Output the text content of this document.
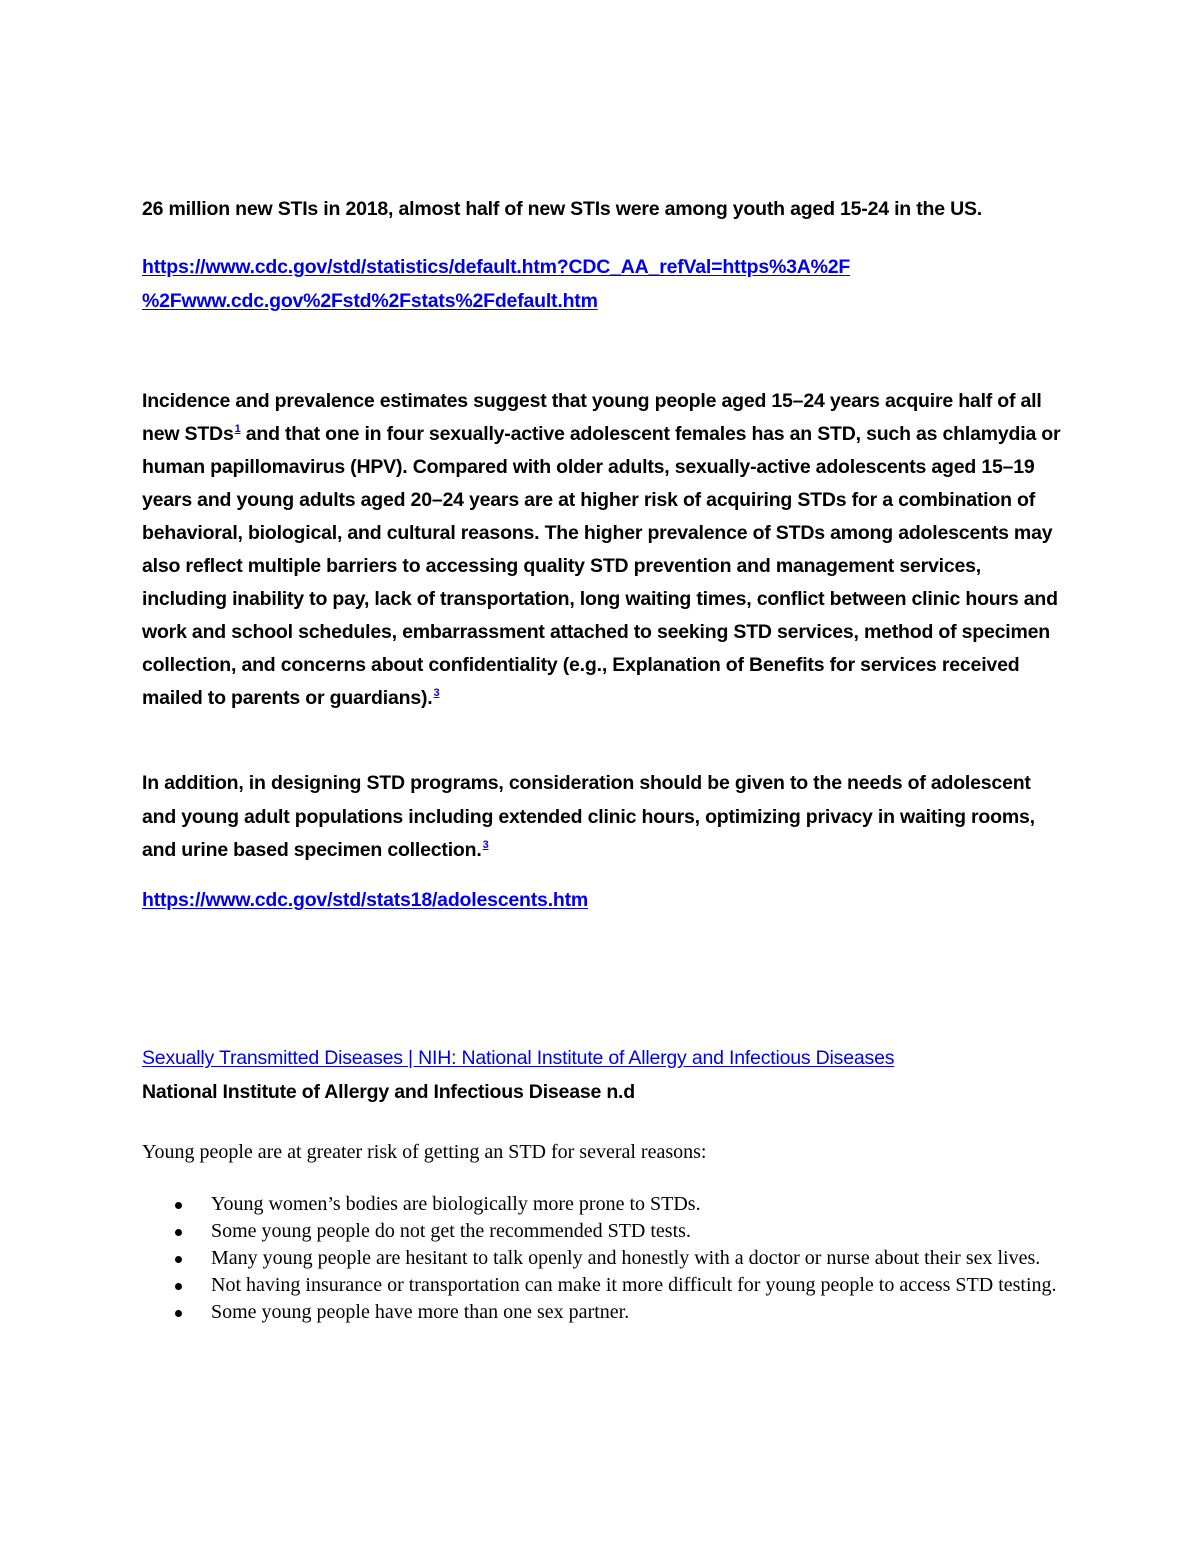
26 million new STIs in 2018, almost half of new STIs were among youth aged 15-24 in the US.
https://www.cdc.gov/std/statistics/default.htm?CDC_AA_refVal=https%3A%2F
%2Fwww.cdc.gov%2Fstd%2Fstats%2Fdefault.htm
Incidence and prevalence estimates suggest that young people aged 15–24 years acquire half of all new STDs$^1$ and that one in four sexually-active adolescent females has an STD, such as chlamydia or human papillomavirus (HPV). Compared with older adults, sexually-active adolescents aged 15–19 years and young adults aged 20–24 years are at higher risk of acquiring STDs for a combination of behavioral, biological, and cultural reasons. The higher prevalence of STDs among adolescents may also reflect multiple barriers to accessing quality STD prevention and management services, including inability to pay, lack of transportation, long waiting times, conflict between clinic hours and work and school schedules, embarrassment attached to seeking STD services, method of specimen collection, and concerns about confidentiality (e.g., Explanation of Benefits for services received mailed to parents or guardians).$^3$
In addition, in designing STD programs, consideration should be given to the needs of adolescent and young adult populations including extended clinic hours, optimizing privacy in waiting rooms, and urine based specimen collection.$^3$
https://www.cdc.gov/std/stats18/adolescents.htm
Sexually Transmitted Diseases | NIH: National Institute of Allergy and Infectious Diseases
National Institute of Allergy and Infectious Disease n.d
Young people are at greater risk of getting an STD for several reasons:
Young women’s bodies are biologically more prone to STDs.
Some young people do not get the recommended STD tests.
Many young people are hesitant to talk openly and honestly with a doctor or nurse about their sex lives.
Not having insurance or transportation can make it more difficult for young people to access STD testing.
Some young people have more than one sex partner.
